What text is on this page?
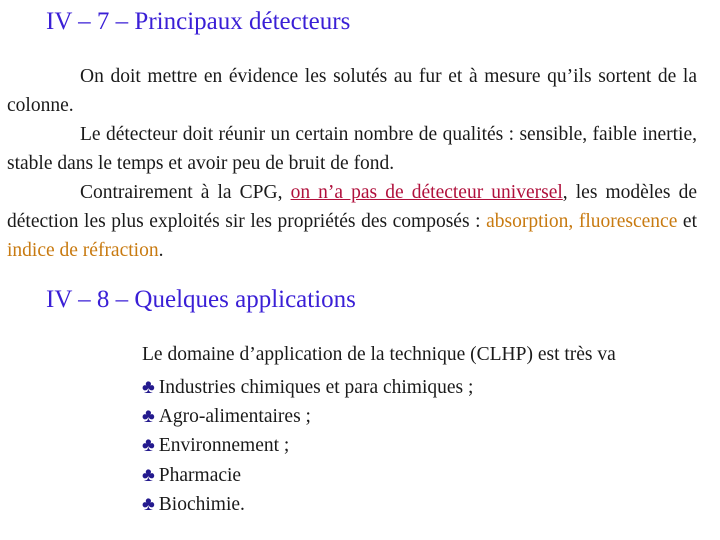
IV – 7 – Principaux détecteurs

On doit mettre en évidence les solutés au fur et à mesure qu’ils sortent de la colonne.

Le détecteur doit réunir un certain nombre de qualités : sensible, faible inertie, stable dans le temps et avoir peu de bruit de fond.

Contrairement à la CPG, on n’a pas de détecteur universel, les modèles de détection les plus exploités sir les propriétés des composés : absorption, fluorescence et indice de réfraction.

IV – 8 – Quelques applications

Le domaine d’application de la technique (CLHP) est très va

♣ Industries chimiques et para chimiques ;
♣ Agro-alimentaires ;
♣ Environnement ;
♣ Pharmacie
♣ Biochimie.
